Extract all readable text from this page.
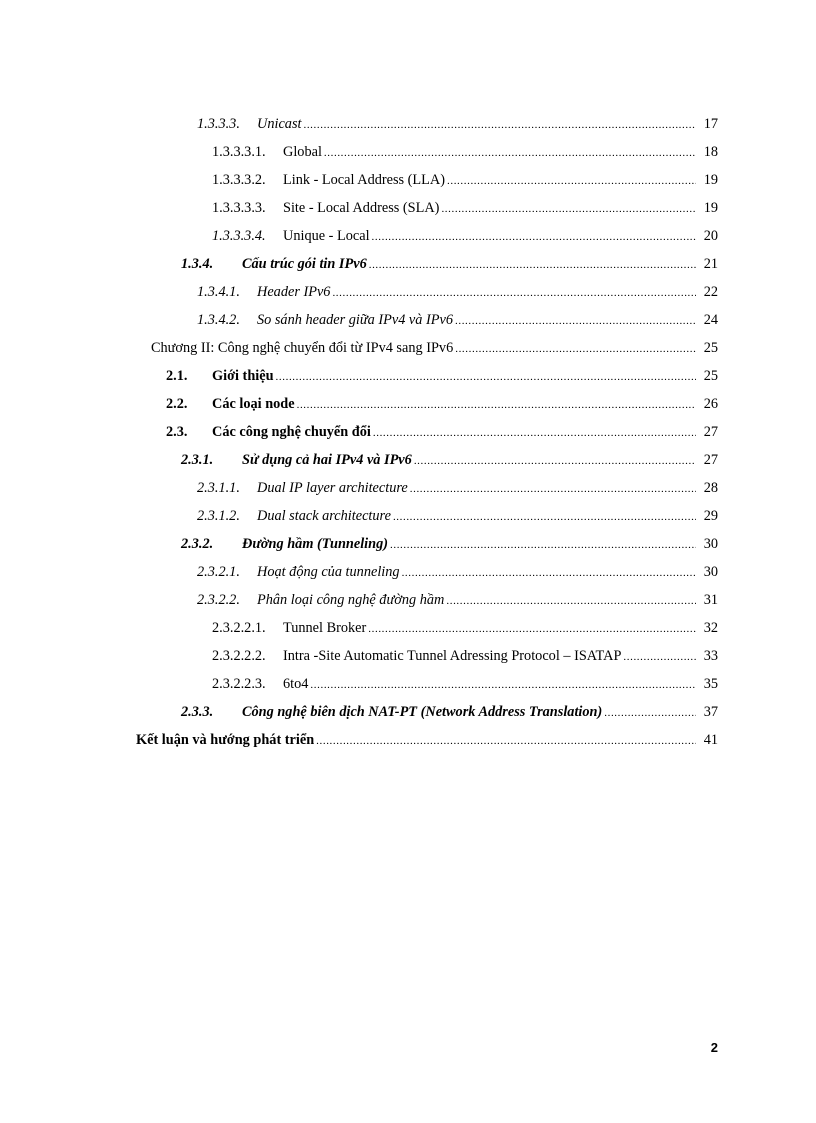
1.3.3.3.	Unicast .....	17
1.3.3.3.1.	Global .....	18
1.3.3.3.2.	Link - Local Address (LLA) .....	19
1.3.3.3.3.	Site - Local Address (SLA) .....	19
1.3.3.3.4.	Unique - Local .....	20
1.3.4.	Cấu trúc gói tin IPv6 .....	21
1.3.4.1.	Header IPv6 .....	22
1.3.4.2.	So sánh header giữa IPv4 và IPv6 .....	24
Chương II: Công nghệ chuyển đổi từ IPv4 sang IPv6 .....	25
2.1.	Giới thiệu .....	25
2.2.	Các loại node .....	26
2.3.	Các công nghệ chuyển đổi .....	27
2.3.1.	Sử dụng cả hai IPv4 và IPv6 .....	27
2.3.1.1.	Dual IP layer architecture .....	28
2.3.1.2.	Dual stack architecture .....	29
2.3.2.	Đường hầm (Tunneling) .....	30
2.3.2.1.	Hoạt động của tunneling .....	30
2.3.2.2.	Phân loại công nghệ đường hầm .....	31
2.3.2.2.1.	Tunnel Broker .....	32
2.3.2.2.2.	Intra -Site Automatic Tunnel Adressing Protocol – ISATAP .....	33
2.3.2.2.3.	6to4 .....	35
2.3.3.	Công nghệ biên dịch NAT-PT (Network Address Translation) .....	37
Kết luận và hướng phát triển .....	41
2
